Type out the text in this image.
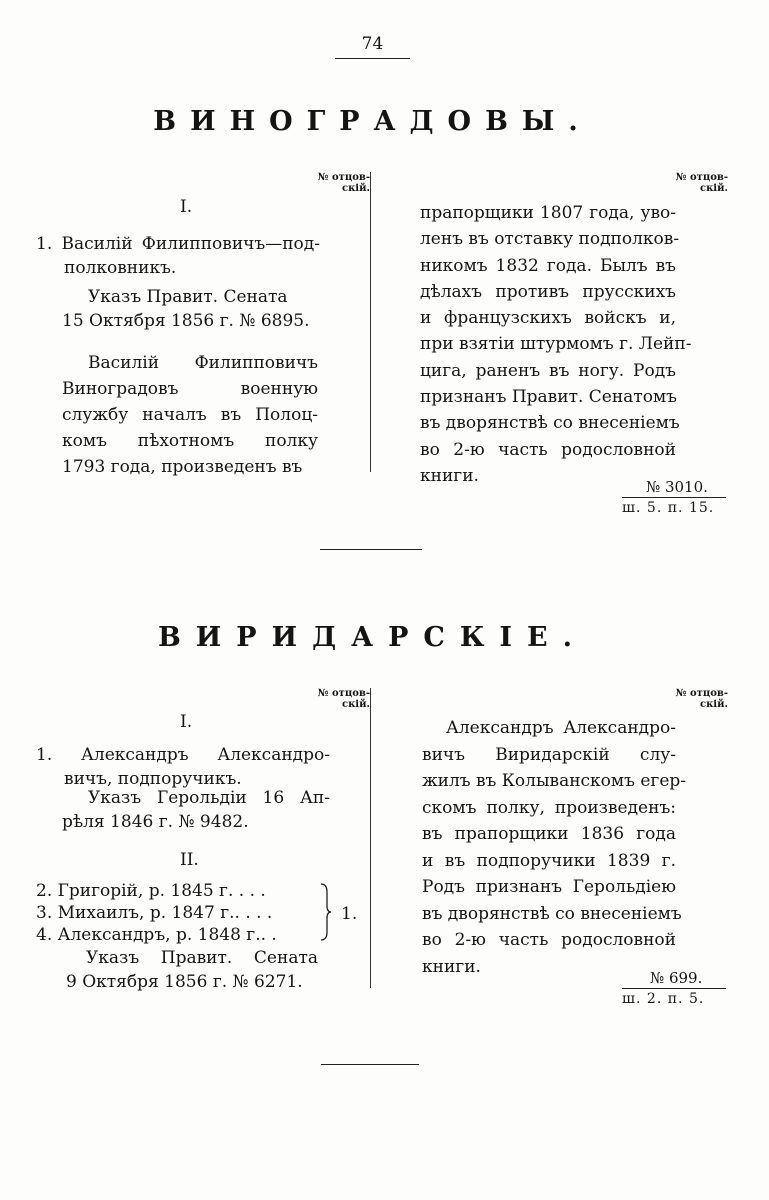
74
ВИНОГРАДОВЫ.
№ отцов-
скій.
№ отцов-
скій.
I.
1. Василій Филипповичъ—под-
полковникъ.
Указъ Правит. Сената
15 Октября 1856 г. № 6895.
Василій Филипповичъ
Виноградовъ военную
службу началъ въ Полоц-
комъ пѣхотномъ полку
1793 года, произведенъ въ
прапорщики 1807 года, уво-
ленъ въ отставку подполков-
никомъ 1832 года. Былъ въ
дѣлахъ противъ прусскихъ
и французскихъ войскъ и,
при взятіи штурмомъ г. Лейп-
цига, раненъ въ ногу. Родъ
признанъ Правит. Сенатомъ
въ дворянствѣ со внесеніемъ
во 2-ю часть родословной
книги.
№ 3010.
ш. 5. п. 15.
ВИРИДАРСКІЕ.
№ отцов-
скій.
№ отцов-
скій.
I.
1. Александръ Александро-
вичъ, подпоручикъ.
Указъ Герольдіи 16 Ап-
рѣля 1846 г. № 9482.
II.
2. Григорій, р. 1845 г. . . .
3. Михаилъ, р. 1847 г.. . . .
4. Александръ, р. 1848 г.. .
1.
Указъ Правит. Сената
9 Октября 1856 г. № 6271.
Александръ Александро-
вичъ Виридарскій слу-
жилъ въ Колыванскомъ егер-
скомъ полку, произведенъ:
въ прапорщики 1836 года
и въ подпоручики 1839 г.
Родъ признанъ Герольдіею
въ дворянствѣ со внесеніемъ
во 2-ю часть родословной
книги.
№ 699.
ш. 2. п. 5.
